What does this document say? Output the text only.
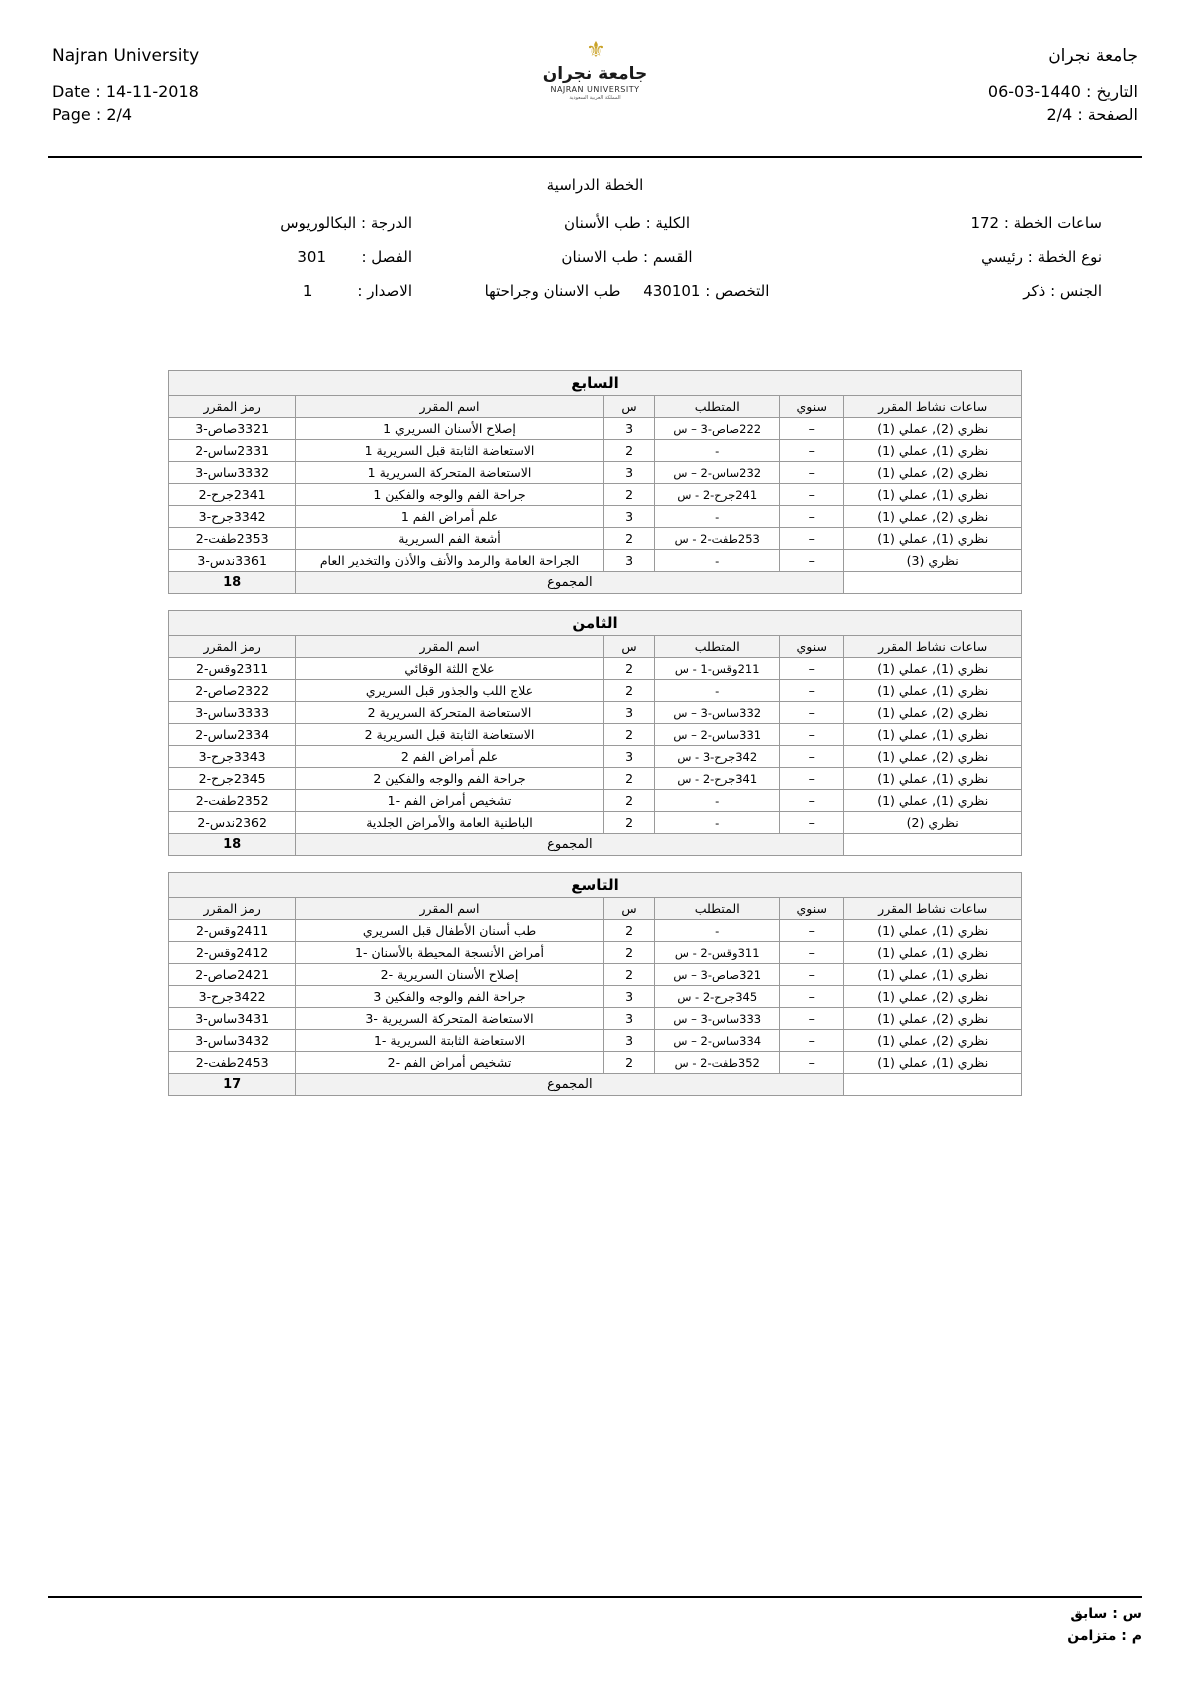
Najran University
Date : 14-11-2018
Page : 2/4
⚜
جامعة نجران
NAJRAN UNIVERSITY
المملكة العربية السعودية
جامعة نجران
التاريخ : 1440-03-06
الصفحة : 2/4
الخطة الدراسية
ساعات الخطة : 172
الكلية : طب الأسنان
الدرجة : البكالوريوس
نوع الخطة : رئيسي
القسم : طب الاسنان
الفصل : 301
الجنس : ذكر
التخصص : 430101 طب الاسنان وجراحتها
الاصدار : 1
السابع					
ساعات نشاط المقرر	سنوي	المتطلب	س	اسم المقرر	رمز المقرر
نظري (2), عملي (1)	–	222صاص-3 – س	3	إصلاح الأسنان السريري 1	3321صاص-3
نظري (1), عملي (1)	–	-	2	الاستعاضة الثابتة قبل السريرية 1	2331ساس-2
نظري (2), عملي (1)	–	232ساس-2 – س	3	الاستعاضة المتحركة السريرية 1	3332ساس-3
نظري (1), عملي (1)	–	241جرح-2 - س	2	جراحة الفم والوجه والفكين 1	2341جرح-2
نظري (2), عملي (1)	–	-	3	علم أمراض الفم 1	3342جرح-3
نظري (1), عملي (1)	–	253طفت-2 - س	2	أشعة الفم السريرية	2353طفت-2
نظري (3)	–	-	3	الجراحة العامة والرمد والأنف والأذن والتخدير العام	3361ندس-3
	المجموع				18
الثامن					
ساعات نشاط المقرر	سنوي	المتطلب	س	اسم المقرر	رمز المقرر
نظري (1), عملي (1)	–	211وقس-1 - س	2	علاج اللثة الوقائي	2311وقس-2
نظري (1), عملي (1)	–	-	2	علاج اللب والجذور قبل السريري	2322صاص-2
نظري (2), عملي (1)	–	332ساس-3 – س	3	الاستعاضة المتحركة السريرية 2	3333ساس-3
نظري (1), عملي (1)	–	331ساس-2 – س	2	الاستعاضة الثابتة قبل السريرية 2	2334ساس-2
نظري (2), عملي (1)	–	342جرح-3 - س	3	علم أمراض الفم 2	3343جرح-3
نظري (1), عملي (1)	–	341جرح-2 - س	2	جراحة الفم والوجه والفكين 2	2345جرح-2
نظري (1), عملي (1)	–	-	2	تشخيص أمراض الفم -1	2352طفت-2
نظري (2)	–	-	2	الباطنية العامة والأمراض الجلدية	2362ندس-2
	المجموع				18
التاسع					
ساعات نشاط المقرر	سنوي	المتطلب	س	اسم المقرر	رمز المقرر
نظري (1), عملي (1)	–	-	2	طب أسنان الأطفال قبل السريري	2411وقس-2
نظري (1), عملي (1)	–	311وقس-2 - س	2	أمراض الأنسجة المحيطة بالأسنان -1	2412وقس-2
نظري (1), عملي (1)	–	321صاص-3 – س	2	إصلاح الأسنان السريرية -2	2421صاص-2
نظري (2), عملي (1)	–	345جرح-2 - س	3	جراحة الفم والوجه والفكين 3	3422جرح-3
نظري (2), عملي (1)	–	333ساس-3 – س	3	الاستعاضة المتحركة السريرية -3	3431ساس-3
نظري (2), عملي (1)	–	334ساس-2 – س	3	الاستعاضة الثابتة السريرية -1	3432ساس-3
نظري (1), عملي (1)	–	352طفت-2 - س	2	تشخيص أمراض الفم -2	2453طفت-2
	المجموع				17
س : سابق
م : متزامن
